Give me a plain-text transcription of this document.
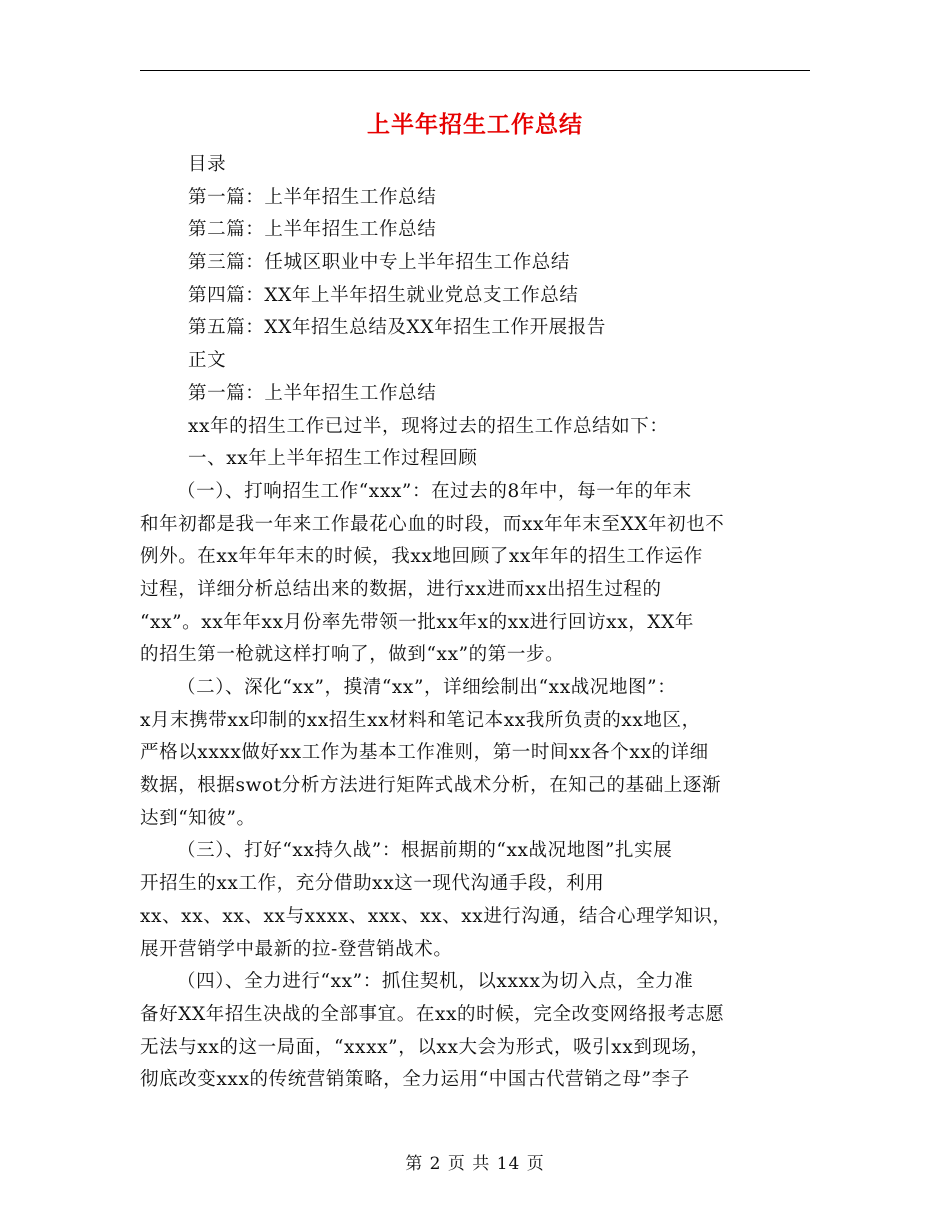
上半年招生工作总结
目录
第一篇：上半年招生工作总结
第二篇：上半年招生工作总结
第三篇：任城区职业中专上半年招生工作总结
第四篇：XX年上半年招生就业党总支工作总结
第五篇：XX年招生总结及XX年招生工作开展报告
正文
第一篇：上半年招生工作总结
xx年的招生工作已过半，现将过去的招生工作总结如下：
一、xx年上半年招生工作过程回顾
（一）、打响招生工作“xxx”：在过去的8年中，每一年的年末
和年初都是我一年来工作最花心血的时段，而xx年年末至XX年初也不
例外。在xx年年年末的时候，我xx地回顾了xx年年的招生工作运作
过程，详细分析总结出来的数据，进行xx进而xx出招生过程的
“xx”。xx年年xx月份率先带领一批xx年x的xx进行回访xx，XX年
的招生第一枪就这样打响了，做到“xx”的第一步。
（二）、深化“xx”，摸清“xx”，详细绘制出“xx战况地图”：
x月末携带xx印制的xx招生xx材料和笔记本xx我所负责的xx地区，
严格以xxxx做好xx工作为基本工作准则，第一时间xx各个xx的详细
数据，根据swot分析方法进行矩阵式战术分析，在知己的基础上逐渐
达到“知彼”。
（三）、打好“xx持久战”：根据前期的“xx战况地图”扎实展
开招生的xx工作，充分借助xx这一现代沟通手段，利用
xx、xx、xx、xx与xxxx、xxx、xx、xx进行沟通，结合心理学知识，
展开营销学中最新的拉-登营销战术。
（四）、全力进行“xx”：抓住契机，以xxxx为切入点，全力准
备好XX年招生决战的全部事宜。在xx的时候，完全改变网络报考志愿
无法与xx的这一局面，“xxxx”，以xx大会为形式，吸引xx到现场，
彻底改变xxx的传统营销策略，全力运用“中国古代营销之母”李子
第 2 页 共 14 页
